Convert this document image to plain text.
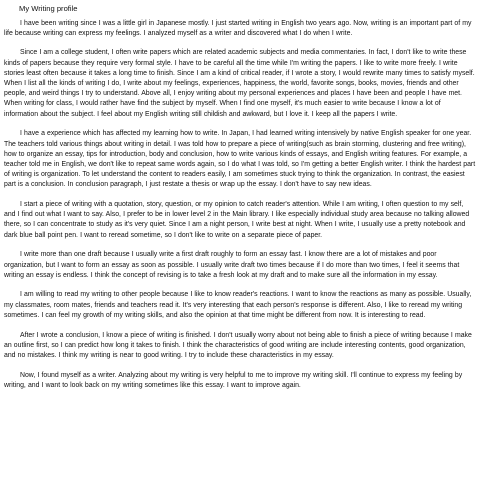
My Writing profile

I have been writing since I was a little girl in Japanese mostly. I just started writing in English two years ago. Now, writing is an important part of my life because writing can express my feelings. I analyzed myself as a writer and discovered what I do when I write.

Since I am a college student, I often write papers which are related academic subjects and media commentaries. In fact, I don't like to write these kinds of papers because they require very formal style. I have to be careful all the time while I'm writing the papers. I like to write more freely. I write stories least often because it takes a long time to finish. Since I am a kind of critical reader, if I wrote a story, I would rewrite many times to satisfy myself. When I list all the kinds of writing I do, I write about my feelings, experiences, happiness, the world, favorite songs, books, movies, friends and other people, and weird things I try to understand. Above all, I enjoy writing about my personal experiences and places I have been and people I have met. When writing for class, I would rather have find the subject by myself. When I find one myself, it's much easier to write because I know a lot of information about the subject. I feel about my English writing still childish and awkward, but I love it. I keep all the papers I write.

I have a experience which has affected my learning how to write. In Japan, I had learned writing intensively by native English speaker for one year. The teachers told various things about writing in detail. I was told how to prepare a piece of writing(such as brain storming, clustering and free writing), how to organize an essay, tips for introduction, body and conclusion, how to write various kinds of essays, and English writing features. For example, a teacher told me in English, we don't like to repeat same words again, so I do what I was told, so I'm getting a better English writer. I think the hardest part of writing is organization. To let understand the content to readers easily, I am sometimes stuck trying to think the organization. In contrast, the easiest part is a conclusion. In conclusion paragraph, I just restate a thesis or wrap up the essay. I don't have to say new ideas.

I start a piece of writing with a quotation, story, question, or my opinion to catch reader's attention. While I am writing, I often question to my self, and I find out what I want to say. Also, I prefer to be in lower level 2 in the Main library. I like especially individual study area because no talking allowed there, so I can concentrate to study as it's very quiet. Since I am a night person, I write best at night. When I write, I usually use a pretty notebook and dark blue ball point pen. I want to reread sometime, so I don't like to write on a separate piece of paper.

I write more than one draft because I usually write a first draft roughly to form an essay fast. I know there are a lot of mistakes and poor organization, but I want to form an essay as soon as possible. I usually write draft two times because if I do more than two times, I feel it seems that writing an essay is endless. I think the concept of revising is to take a fresh look at my draft and to make sure all the information in my essay.

I am willing to read my writing to other people because I like to know reader's reactions. I want to know the reactions as many as possible. Usually, my classmates, room mates, friends and teachers read it. It's very interesting that each person's response is different. Also, I like to reread my writing sometimes. I can feel my growth of my writing skills, and also the opinion at that time might be different from now. It is interesting to read.

After I wrote a conclusion, I know a piece of writing is finished. I don't usually worry about not being able to finish a piece of writing because I make an outline first, so I can predict how long it takes to finish. I think the characteristics of good writing are include interesting contents, good organization, and no mistakes. I think my writing is near to good writing. I try to include these characteristics in my essay.

Now, I found myself as a writer. Analyzing about my writing is very helpful to me to improve my writing skill. I'll continue to express my feeling by writing, and I want to look back on my writing sometimes like this essay. I want to improve again.
